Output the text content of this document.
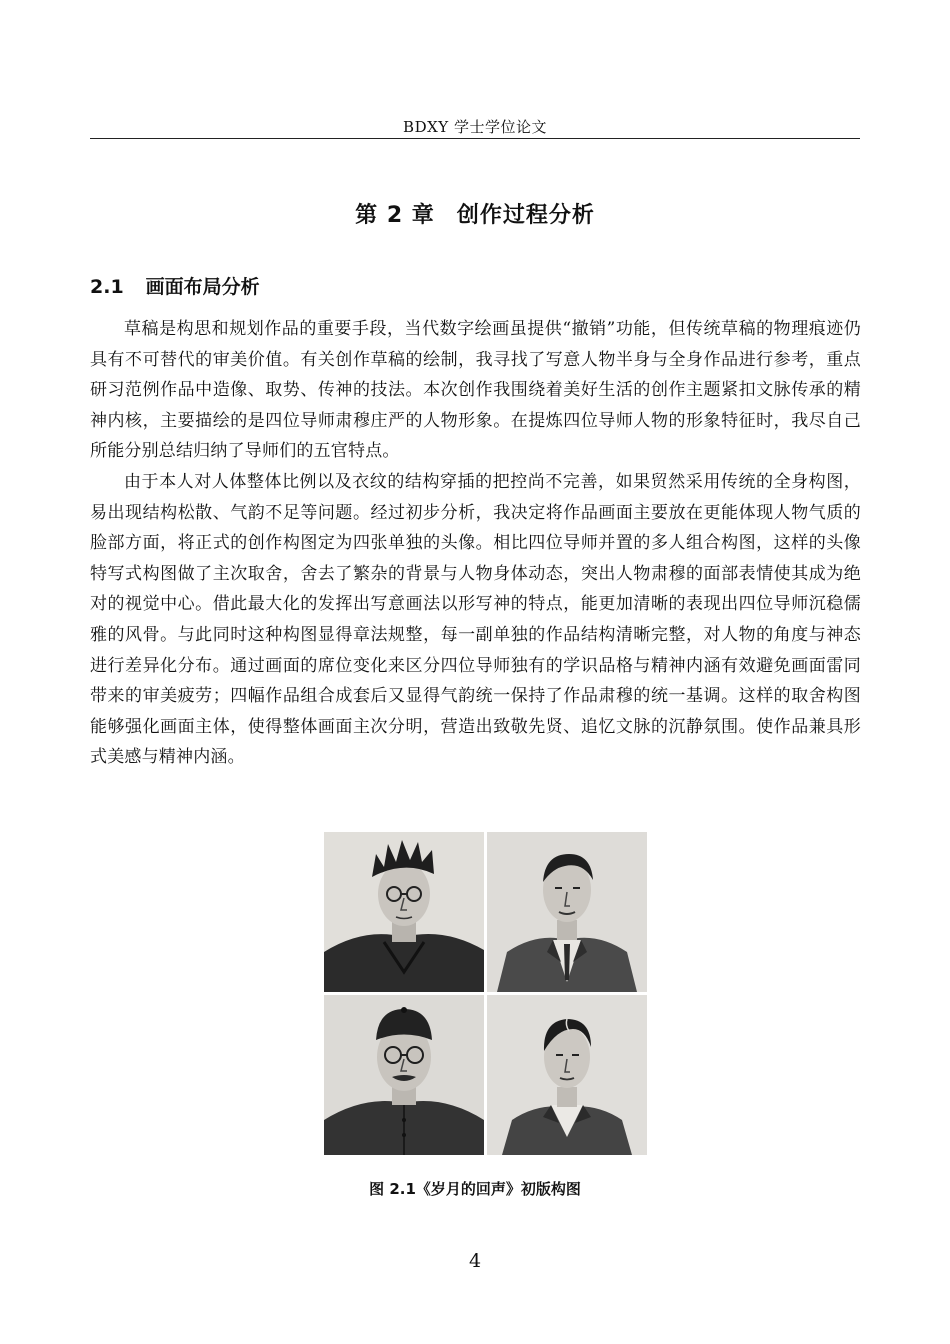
BDXY 学士学位论文
第 2 章 创作过程分析
2.1 画面布局分析

草稿是构思和规划作品的重要手段，当代数字绘画虽提供“撤销”功能，但传统草稿的物理痕迹仍具有不可替代的审美价值。有关创作草稿的绘制，我寻找了写意人物半身与全身作品进行参考，重点研习范例作品中造像、取势、传神的技法。本次创作我围绕着美好生活的创作主题紧扣文脉传承的精神内核，主要描绘的是四位导师肃穆庄严的人物形象。在提炼四位导师人物的形象特征时，我尽自己所能分别总结归纳了导师们的五官特点。

由于本人对人体整体比例以及衣纹的结构穿插的把控尚不完善，如果贸然采用传统的全身构图，易出现结构松散、气韵不足等问题。经过初步分析，我决定将作品画面主要放在更能体现人物气质的脸部方面，将正式的创作构图定为四张单独的头像。相比四位导师并置的多人组合构图，这样的头像特写式构图做了主次取舍，舍去了繁杂的背景与人物身体动态，突出人物肃穆的面部表情使其成为绝对的视觉中心。借此最大化的发挥出写意画法以形写神的特点，能更加清晰的表现出四位导师沉稳儒雅的风骨。与此同时这种构图显得章法规整，每一副单独的作品结构清晰完整，对人物的角度与神态进行差异化分布。通过画面的席位变化来区分四位导师独有的学识品格与精神内涵有效避免画面雷同带来的审美疲劳；四幅作品组合成套后又显得气韵统一保持了作品肃穆的统一基调。这样的取舍构图能够强化画面主体，使得整体画面主次分明，营造出致敬先贤、追忆文脉的沉静氛围。使作品兼具形式美感与精神内涵。

图 2.1《岁月的回声》初版构图
4
